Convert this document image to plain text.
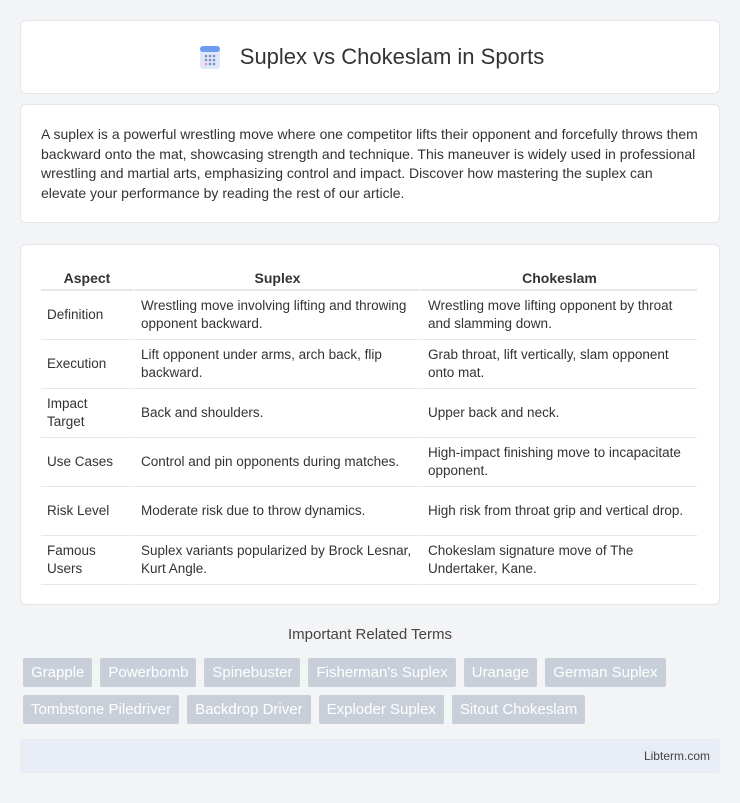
Suplex vs Chokeslam in Sports

A suplex is a powerful wrestling move where one competitor lifts their opponent and forcefully throws them backward onto the mat, showcasing strength and technique. This maneuver is widely used in professional wrestling and martial arts, emphasizing control and impact. Discover how mastering the suplex can elevate your performance by reading the rest of our article.

Aspect	Suplex	Chokeslam
Definition	Wrestling move involving lifting and throwing opponent backward.	Wrestling move lifting opponent by throat and slamming down.
Execution	Lift opponent under arms, arch back, flip backward.	Grab throat, lift vertically, slam opponent onto mat.
Impact Target	Back and shoulders.	Upper back and neck.
Use Cases	Control and pin opponents during matches.	High-impact finishing move to incapacitate opponent.
Risk Level	Moderate risk due to throw dynamics.	High risk from throat grip and vertical drop.
Famous Users	Suplex variants popularized by Brock Lesnar, Kurt Angle.	Chokeslam signature move of The Undertaker, Kane.
Important Related Terms
Grapple	Powerbomb	Spinebuster	Fisherman's Suplex	Uranage	German Suplex
Tombstone Piledriver	Backdrop Driver	Exploder Suplex	Sitout Chokeslam
Libterm.com
